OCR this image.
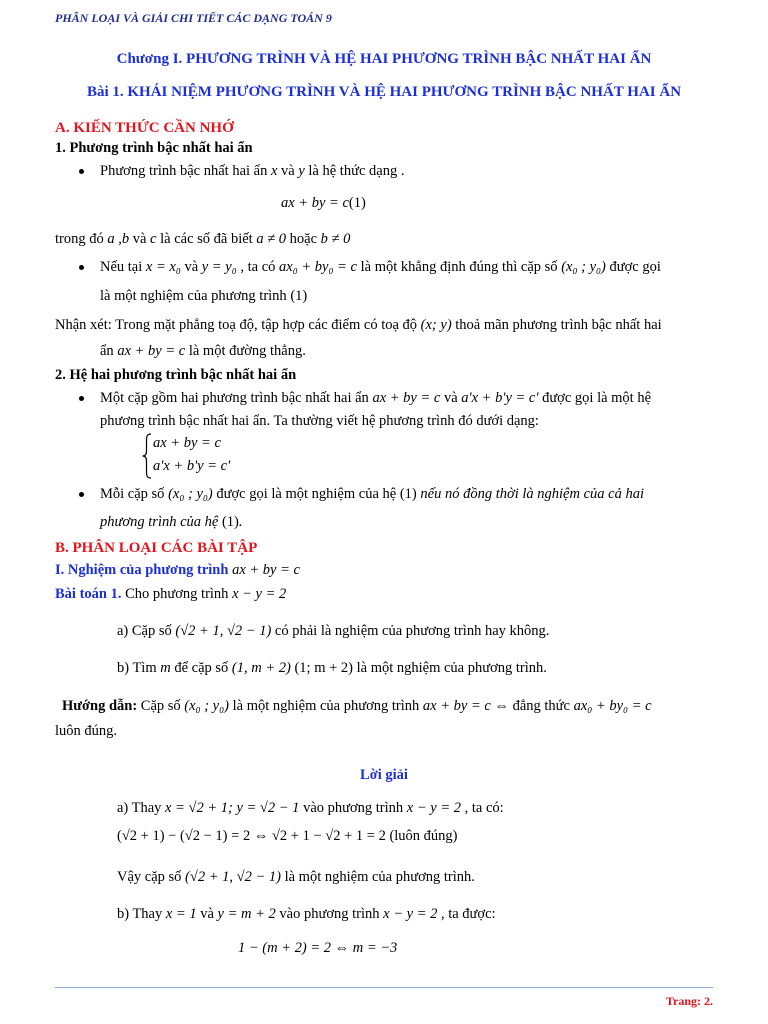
PHÂN LOẠI VÀ GIẢI CHI TIẾT CÁC DẠNG TOÁN 9
Chương I. PHƯƠNG TRÌNH VÀ HỆ HAI PHƯƠNG TRÌNH BẬC NHẤT HAI ẨN
Bài 1. KHÁI NIỆM PHƯƠNG TRÌNH VÀ HỆ HAI PHƯƠNG TRÌNH BẬC NHẤT HAI ẨN
A. KIẾN THỨC CẦN NHỚ
1. Phương trình bậc nhất hai ẩn
Phương trình bậc nhất hai ẩn x và y là hệ thức dạng .
ax + by = c(1)
trong đó a ,b và c là các số đã biết a ≠ 0 hoặc b ≠ 0
Nếu tại x = x₀ và y = y₀ , ta có ax₀ + by₀ = c là một khẳng định đúng thì cặp số (x₀ ; y₀) được gọi
là một nghiệm của phương trình (1)
Nhận xét: Trong mặt phẳng toạ độ, tập hợp các điểm có toạ độ (x; y) thoả mãn phương trình bậc nhất hai
ẩn ax + by = c là một đường thẳng.
2. Hệ hai phương trình bậc nhất hai ẩn
Một cặp gồm hai phương trình bậc nhất hai ẩn ax + by = c và a'x + b'y = c' được gọi là một hệ
phương trình bậc nhất hai ẩn. Ta thường viết hệ phương trình đó dưới dạng:
ax + by = c
a'x + b'y = c'
Mỗi cặp số (x₀ ; y₀) được gọi là một nghiệm của hệ (1) nếu nó đồng thời là nghiệm của cả hai
phương trình của hệ (1).
B. PHÂN LOẠI CÁC BÀI TẬP
I. Nghiệm của phương trình ax + by = c
Bài toán 1. Cho phương trình x − y = 2
a) Cặp số (√2 + 1, √2 − 1) có phải là nghiệm của phương trình hay không.
b) Tìm m để cặp số (1, m + 2) (1; m + 2) là một nghiệm của phương trình.
Hướng dẫn: Cặp số (x₀ ; y₀) là một nghiệm của phương trình ax + by = c ⇔ đẳng thức ax₀ + by₀ = c
luôn đúng.
Lời giải
a) Thay x = √2 + 1; y = √2 − 1 vào phương trình x − y = 2 , ta có:
(√2 + 1) − (√2 − 1) = 2 ⇔ √2 + 1 − √2 + 1 = 2 (luôn đúng)
Vậy cặp số (√2 + 1, √2 − 1) là một nghiệm của phương trình.
b) Thay x = 1 và y = m + 2 vào phương trình x − y = 2 , ta được:
1 − (m + 2) = 2 ⇔ m = −3
Trang: 2.
